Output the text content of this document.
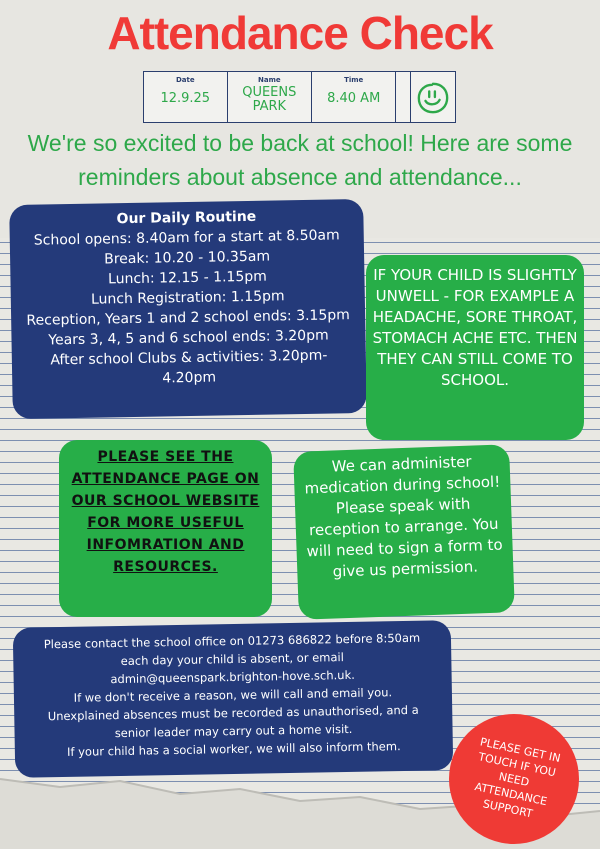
Attendance Check
Date
12.9.25

Name
QUEENS PARK

Time
8.40 AM

We're so excited to be back at school! Here are some reminders about absence and attendance...
Our Daily Routine
School opens: 8.40am for a start at 8.50am
Break: 10.20 - 10.35am
Lunch: 12.15 - 1.15pm
Lunch Registration: 1.15pm
Reception, Years 1 and 2 school ends: 3.15pm
Years 3, 4, 5 and 6 school ends: 3.20pm
After school Clubs & activities: 3.20pm-
4.20pm
IF YOUR CHILD IS SLIGHTLY UNWELL - FOR EXAMPLE A HEADACHE, SORE THROAT, STOMACH ACHE ETC. THEN THEY CAN STILL COME TO SCHOOL.
PLEASE SEE THE ATTENDANCE PAGE ON OUR SCHOOL WEBSITE FOR MORE USEFUL INFOMRATION AND RESOURCES.
We can administer medication during school! Please speak with reception to arrange. You will need to sign a form to give us permission.
Please contact the school office on 01273 686822 before 8:50am
each day your child is absent, or email
admin@queenspark.brighton-hove.sch.uk.
If we don't receive a reason, we will call and email you.
Unexplained absences must be recorded as unauthorised, and a
senior leader may carry out a home visit.
If your child has a social worker, we will also inform them.	PLEASE GET IN TOUCH IF YOU NEED ATTENDANCE SUPPORT
